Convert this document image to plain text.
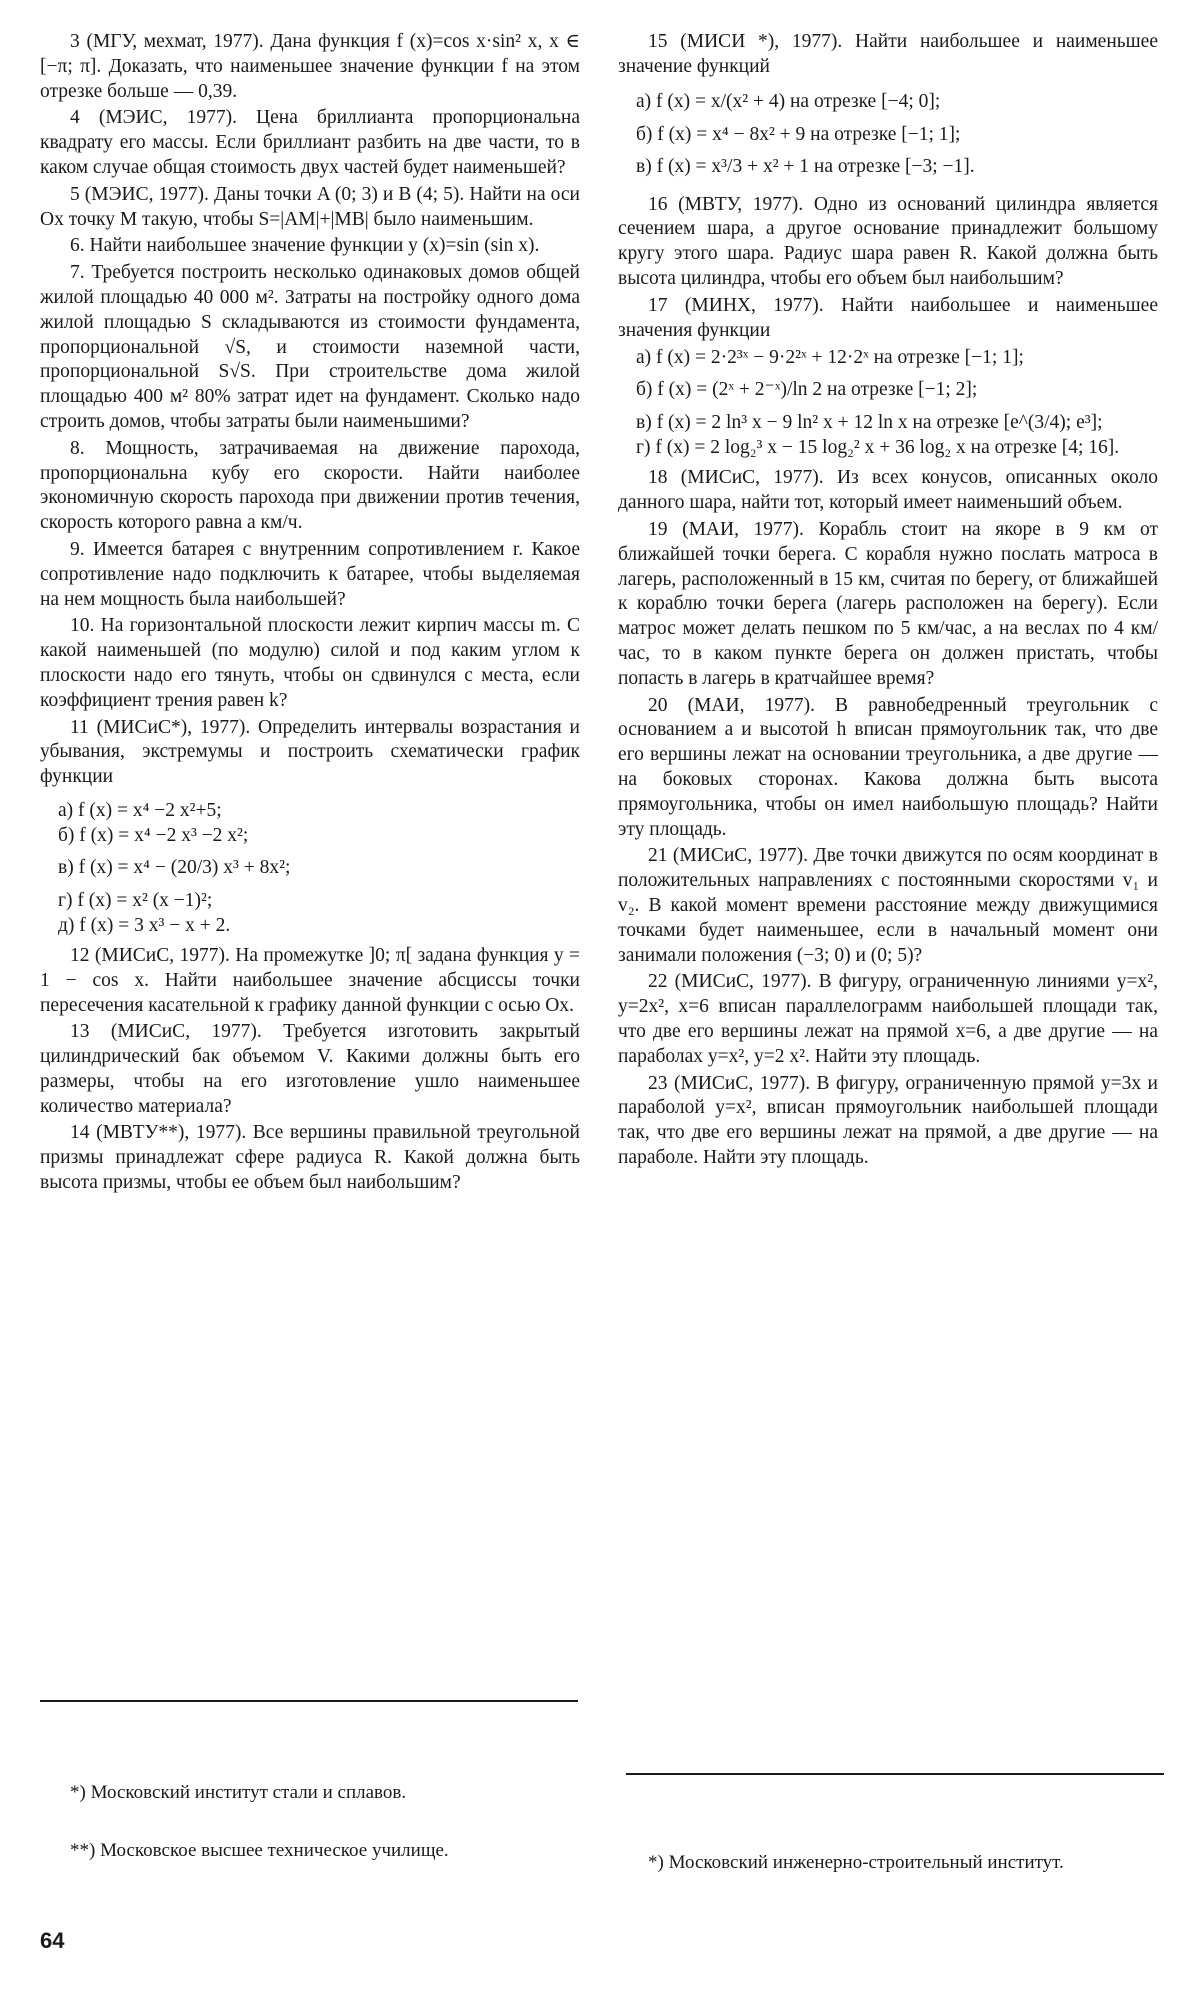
3 (МГУ, мехмат, 1977). Дана функция f (x)=cos x·sin² x, x ∈ [−π; π]. Доказать, что наименьшее значение функции f на этом отрезке больше — 0,39.
4 (МЭИС, 1977). Цена бриллианта пропорциональна квадрату его массы. Если бриллиант разбить на две части, то в каком случае общая стоимость двух частей будет наименьшей?
5 (МЭИС, 1977). Даны точки A (0; 3) и B (4; 5). Найти на оси Ox точку M такую, чтобы S=|AM|+|MB| было наименьшим.
6. Найти наибольшее значение функции y (x)=sin (sin x).
7. Требуется построить несколько одинаковых домов общей жилой площадью 40 000 м². Затраты на постройку одного дома жилой площадью S складываются из стоимости фундамента, пропорциональной √S, и стоимости наземной части, пропорциональной S√S. При строительстве дома жилой площадью 400 м² 80% затрат идет на фундамент. Сколько надо строить домов, чтобы затраты были наименьшими?
8. Мощность, затрачиваемая на движение парохода, пропорциональна кубу его скорости. Найти наиболее экономичную скорость парохода при движении против течения, скорость которого равна a км/ч.
9. Имеется батарея с внутренним сопротивлением r. Какое сопротивление надо подключить к батарее, чтобы выделяемая на нем мощность была наибольшей?
10. На горизонтальной плоскости лежит кирпич массы m. С какой наименьшей (по модулю) силой и под каким углом к плоскости надо его тянуть, чтобы он сдвинулся с места, если коэффициент трения равен k?
11 (МИСиС*), 1977). Определить интервалы возрастания и убывания, экстремумы и построить схематически график функции
а) f (x) = x⁴ −2 x²+5;
б) f (x) = x⁴ −2 x³ −2 x²;
в) f (x) = x⁴ − (20/3) x³ + 8x²;
г) f (x) = x² (x −1)²;
д) f (x) = 3 x³ − x + 2.
12 (МИСиС, 1977). На промежутке ]0; π[ задана функция y = 1 − cos x. Найти наибольшее значение абсциссы точки пересечения касательной к графику данной функции с осью Ox.
13 (МИСиС, 1977). Требуется изготовить закрытый цилиндрический бак объемом V. Какими должны быть его размеры, чтобы на его изготовление ушло наименьшее количество материала?
14 (МВТУ**), 1977). Все вершины правильной треугольной призмы принадлежат сфере радиуса R. Какой должна быть высота призмы, чтобы ее объем был наибольшим?
15 (МИСИ *), 1977). Найти наибольшее и наименьшее значение функций
а) f (x) = x/(x² + 4) на отрезке [−4; 0];
б) f (x) = x⁴ − 8x² + 9 на отрезке [−1; 1];
в) f (x) = x³/3 + x² + 1 на отрезке [−3; −1].
16 (МВТУ, 1977). Одно из оснований цилиндра является сечением шара, а другое основание принадлежит большому кругу этого шара. Радиус шара равен R. Какой должна быть высота цилиндра, чтобы его объем был наибольшим?
17 (МИНХ, 1977). Найти наибольшее и наименьшее значения функции
а) f (x) = 2·2³ˣ − 9·2²ˣ + 12·2ˣ на отрезке [−1; 1];
б) f (x) = (2ˣ + 2⁻ˣ)/ln 2 на отрезке [−1; 2];
в) f (x) = 2 ln³ x − 9 ln² x + 12 ln x на отрезке [e^(3/4); e³];
г) f (x) = 2 log₂³ x − 15 log₂² x + 36 log₂ x на отрезке [4; 16].
18 (МИСиС, 1977). Из всех конусов, описанных около данного шара, найти тот, который имеет наименьший объем.
19 (МАИ, 1977). Корабль стоит на якоре в 9 км от ближайшей точки берега. С корабля нужно послать матроса в лагерь, расположенный в 15 км, считая по берегу, от ближайшей к кораблю точки берега (лагерь расположен на берегу). Если матрос может делать пешком по 5 км/час, а на веслах по 4 км/час, то в каком пункте берега он должен пристать, чтобы попасть в лагерь в кратчайшее время?
20 (МАИ, 1977). В равнобедренный треугольник с основанием a и высотой h вписан прямоугольник так, что две его вершины лежат на основании треугольника, а две другие — на боковых сторонах. Какова должна быть высота прямоугольника, чтобы он имел наибольшую площадь? Найти эту площадь.
21 (МИСиС, 1977). Две точки движутся по осям координат в положительных направлениях с постоянными скоростями v₁ и v₂. В какой момент времени расстояние между движущимися точками будет наименьшее, если в начальный момент они занимали положения (−3; 0) и (0; 5)?
22 (МИСиС, 1977). В фигуру, ограниченную линиями y=x², y=2x², x=6 вписан параллелограмм наибольшей площади так, что две его вершины лежат на прямой x=6, а две другие — на параболах y=x², y=2 x². Найти эту площадь.
23 (МИСиС, 1977). В фигуру, ограниченную прямой y=3x и параболой y=x², вписан прямоугольник наибольшей площади так, что две его вершины лежат на прямой, а две другие — на параболе. Найти эту площадь.
*) Московский институт стали и сплавов.
**) Московское высшее техническое училище.
*) Московский инженерно-строительный институт.
64
